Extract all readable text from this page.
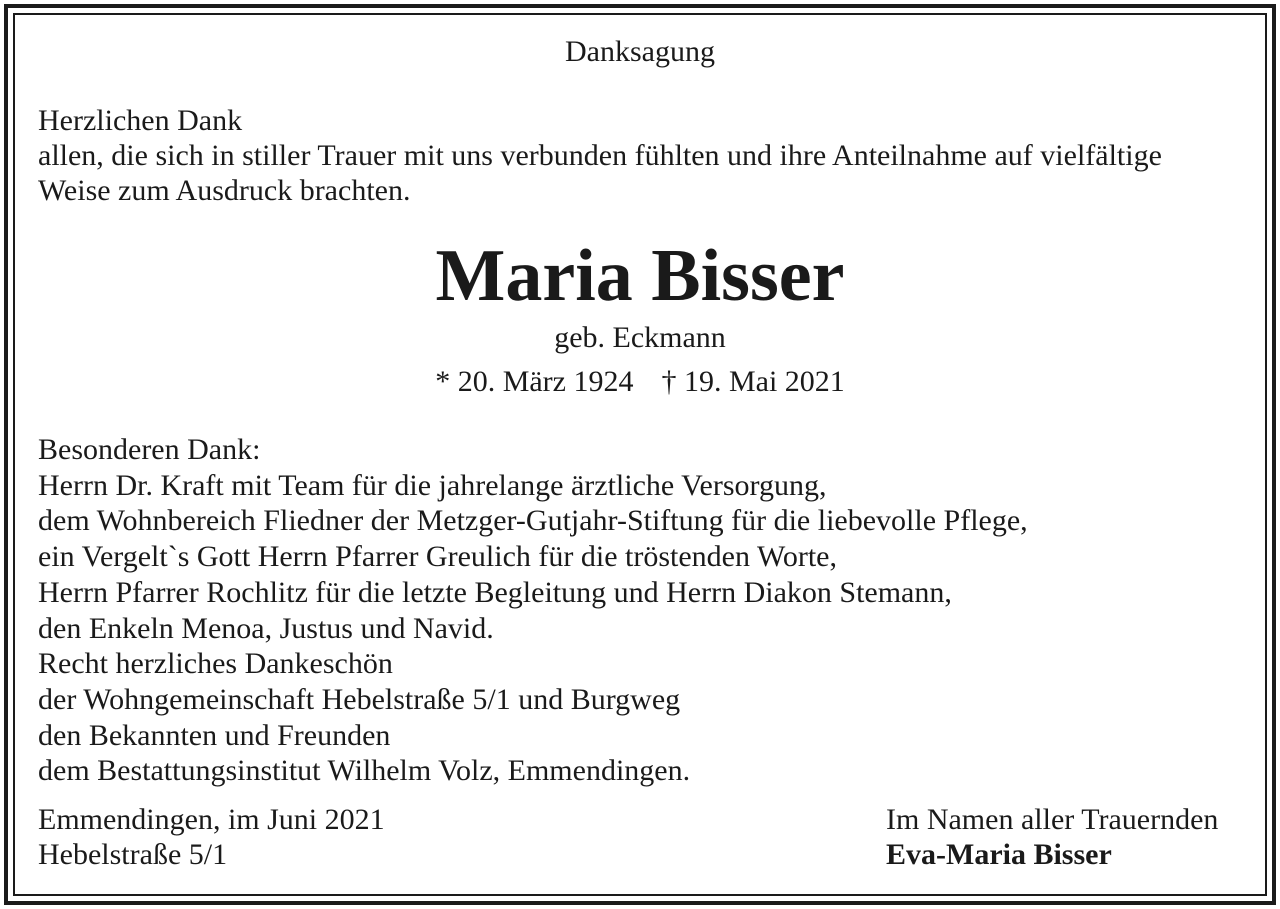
Danksagung

Herzlichen Dank
allen, die sich in stiller Trauer mit uns verbunden fühlten und ihre Anteilnahme auf vielfältige
Weise zum Ausdruck brachten.

Maria Bisser

geb. Eckmann

* 20. März 1924 † 19. Mai 2021

Besonderen Dank:
Herrn Dr. Kraft mit Team für die jahrelange ärztliche Versorgung,
dem Wohnbereich Fliedner der Metzger-Gutjahr-Stiftung für die liebevolle Pflege,
ein Vergelt`s Gott Herrn Pfarrer Greulich für die tröstenden Worte,
Herrn Pfarrer Rochlitz für die letzte Begleitung und Herrn Diakon Stemann,
den Enkeln Menoa, Justus und Navid.
Recht herzliches Dankeschön
der Wohngemeinschaft Hebelstraße 5/1 und Burgweg
den Bekannten und Freunden
dem Bestattungsinstitut Wilhelm Volz, Emmendingen.

Emmendingen, im Juni 2021
Hebelstraße 5/1

Im Namen aller Trauernden
Eva-Maria Bisser
